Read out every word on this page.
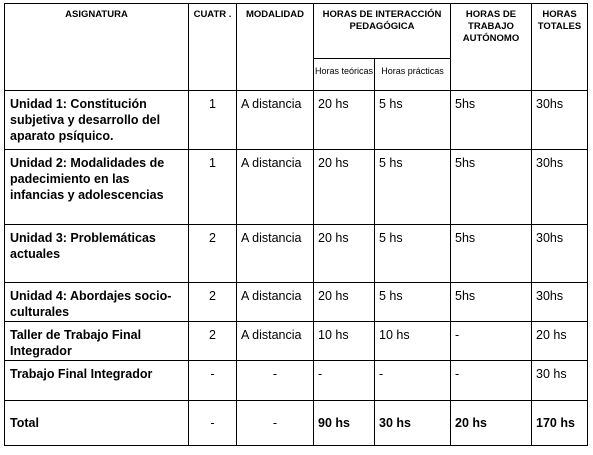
ASIGNATURA	CUATR .	MODALIDAD	HORAS DE INTERACCIÓN PEDAGÓGICA		HORAS DE TRABAJO AUTÓNOMO	HORAS TOTALES
			Horas teóricas	Horas prácticas		
Unidad 1: Constitución subjetiva y desarrollo del aparato psíquico.	1	A distancia	20 hs	5 hs	5hs	30hs
Unidad 2: Modalidades de padecimiento en las infancias y adolescencias	1	A distancia	20 hs	5 hs	5hs	30hs
Unidad 3: Problemáticas actuales	2	A distancia	20 hs	5 hs	5hs	30hs
Unidad 4: Abordajes socio-culturales	2	A distancia	20 hs	5 hs	5hs	30hs
Taller de Trabajo Final Integrador	2	A distancia	10 hs	10 hs	-	20 hs
Trabajo Final Integrador	-	-	-	-	-	30 hs
Total	-	-	90 hs	30 hs	20 hs	170 hs
